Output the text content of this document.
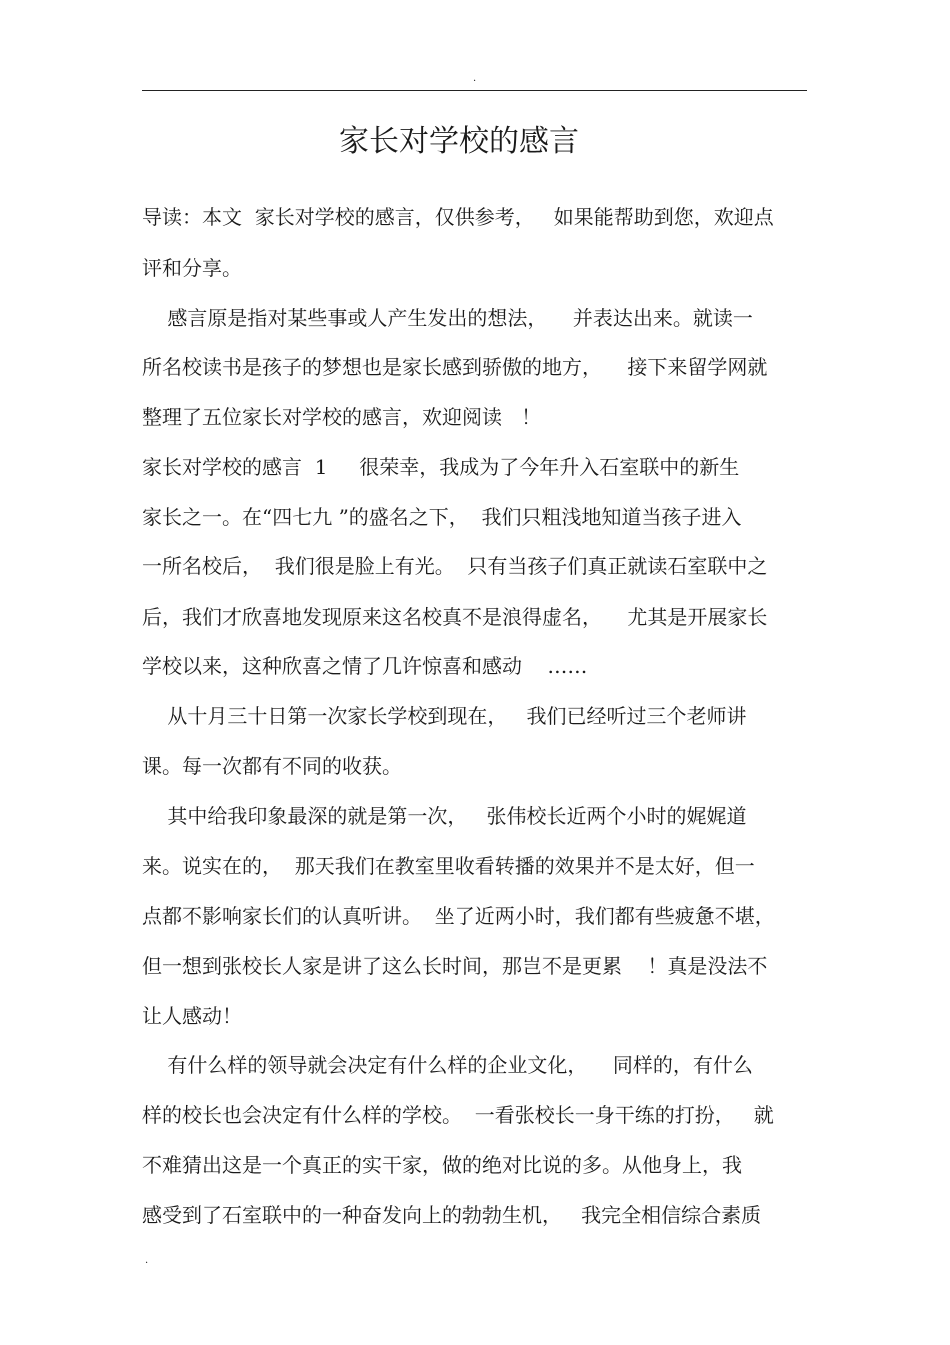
.
家长对学校的感言
导读：本文  家长对学校的感言，仅供参考，   如果能帮助到您，欢迎点
评和分享。
感言原是指对某些事或人产生发出的想法，    并表达出来。就读一
所名校读书是孩子的梦想也是家长感到骄傲的地方，    接下来留学网就
整理了五位家长对学校的感言，欢迎阅读   ！
家长对学校的感言  1     很荣幸，我成为了今年升入石室联中的新生
家长之一。在“四七九 ”的盛名之下，  我们只粗浅地知道当孩子进入
一所名校后，  我们很是脸上有光。  只有当孩子们真正就读石室联中之
后，我们才欣喜地发现原来这名校真不是浪得虚名，    尤其是开展家长
学校以来，这种欣喜之情了几许惊喜和感动    ……
从十月三十日第一次家长学校到现在，   我们已经听过三个老师讲
课。每一次都有不同的收获。
其中给我印象最深的就是第一次，   张伟校长近两个小时的娓娓道
来。说实在的，  那天我们在教室里收看转播的效果并不是太好，但一
点都不影响家长们的认真听讲。  坐了近两小时，我们都有些疲惫不堪，
但一想到张校长人家是讲了这么长时间，那岂不是更累    ！真是没法不
让人感动！
有什么样的领导就会决定有什么样的企业文化，    同样的，有什么
样的校长也会决定有什么样的学校。  一看张校长一身干练的打扮，   就
不难猜出这是一个真正的实干家，做的绝对比说的多。从他身上，我
感受到了石室联中的一种奋发向上的勃勃生机，   我完全相信综合素质
.
